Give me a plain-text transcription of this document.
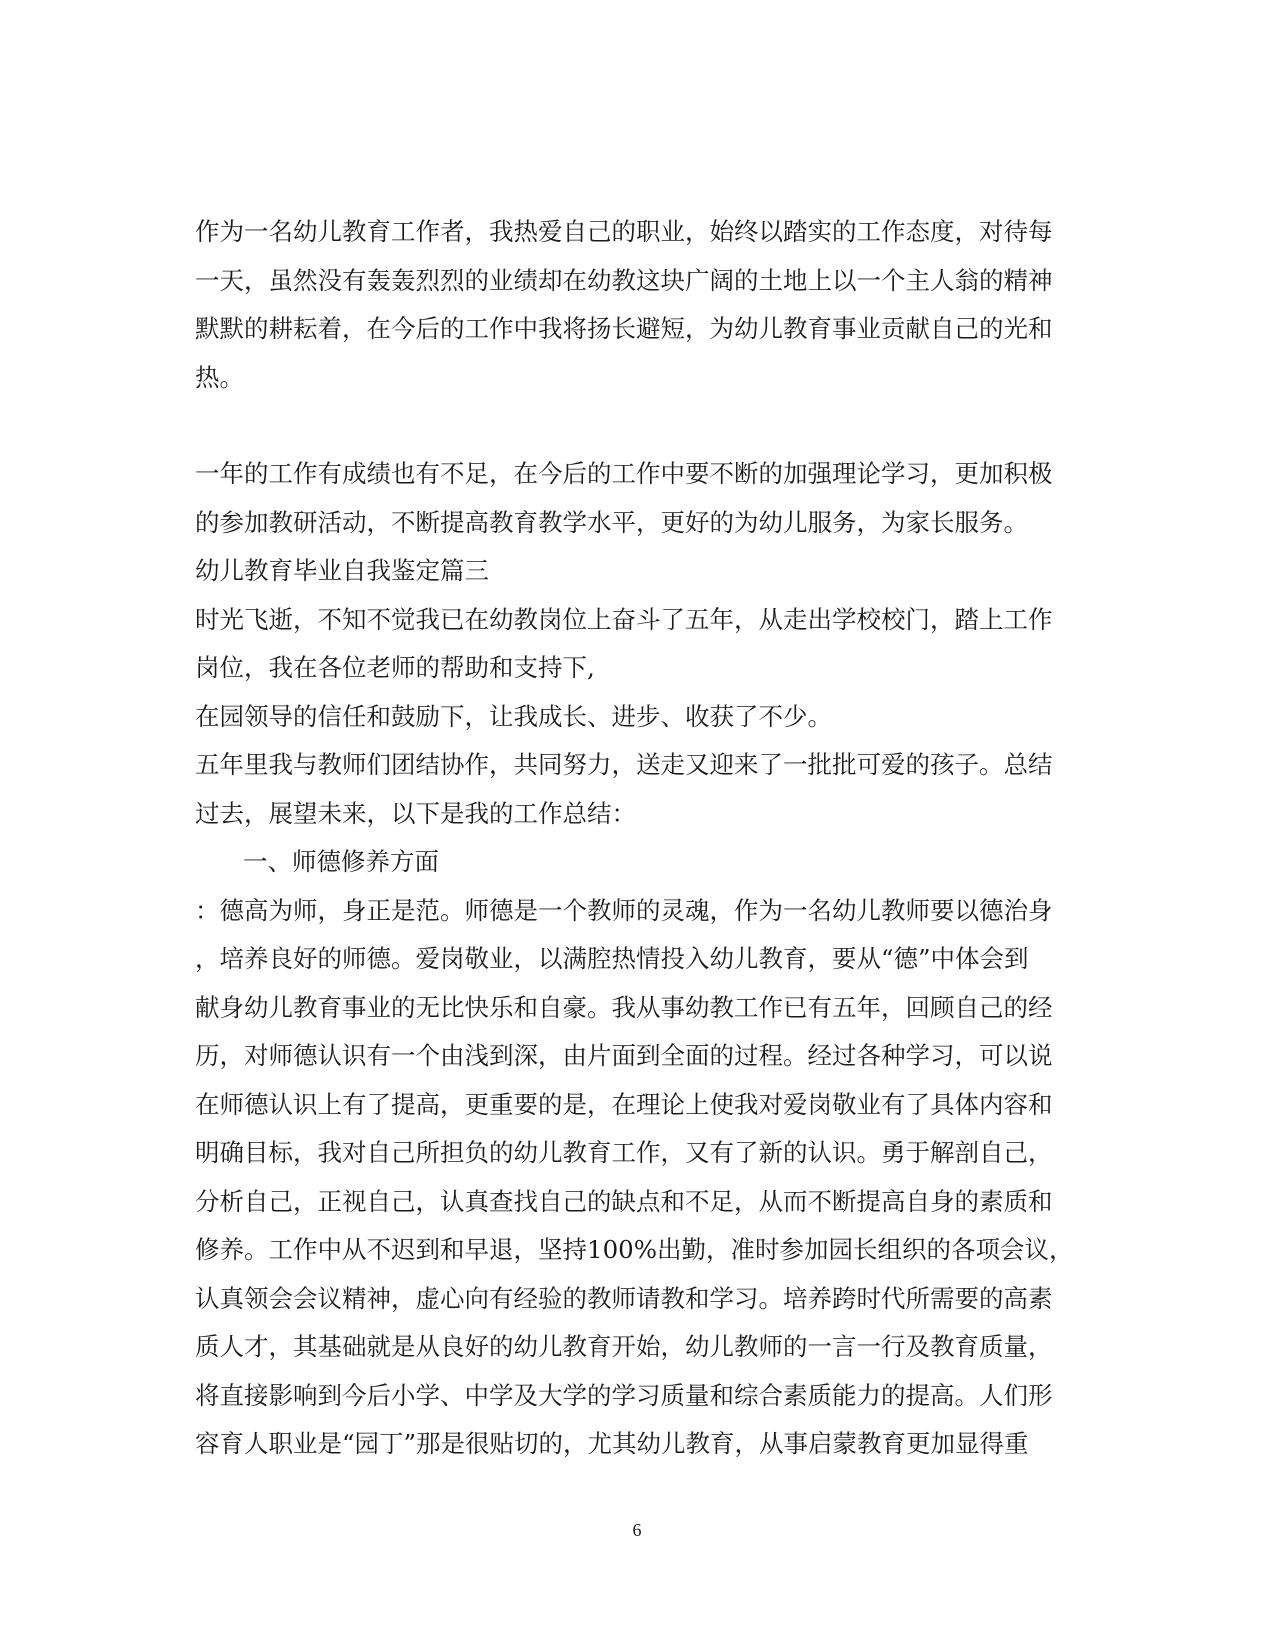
作为一名幼儿教育工作者，我热爱自己的职业，始终以踏实的工作态度，对待每
一天，虽然没有轰轰烈烈的业绩却在幼教这块广阔的土地上以一个主人翁的精神
默默的耕耘着，在今后的工作中我将扬长避短，为幼儿教育事业贡献自己的光和
热。

一年的工作有成绩也有不足，在今后的工作中要不断的加强理论学习，更加积极
的参加教研活动，不断提高教育教学水平，更好的为幼儿服务，为家长服务。

幼儿教育毕业自我鉴定篇三

时光飞逝，不知不觉我已在幼教岗位上奋斗了五年，从走出学校校门，踏上工作
岗位，我在各位老师的帮助和支持下,

在园领导的信任和鼓励下，让我成长、进步、收获了不少。

五年里我与教师们团结协作，共同努力，送走又迎来了一批批可爱的孩子。总结
过去，展望未来，以下是我的工作总结：

一、师德修养方面

：德高为师，身正是范。师德是一个教师的灵魂，作为一名幼儿教师要以德治身
，培养良好的师德。爱岗敬业，以满腔热情投入幼儿教育，要从“德”中体会到
献身幼儿教育事业的无比快乐和自豪。我从事幼教工作已有五年，回顾自己的经
历，对师德认识有一个由浅到深，由片面到全面的过程。经过各种学习，可以说
在师德认识上有了提高，更重要的是，在理论上使我对爱岗敬业有了具体内容和
明确目标，我对自己所担负的幼儿教育工作，又有了新的认识。勇于解剖自己，
分析自己，正视自己，认真查找自己的缺点和不足，从而不断提高自身的素质和
修养。工作中从不迟到和早退，坚持100%出勤，准时参加园长组织的各项会议，
认真领会会议精神，虚心向有经验的教师请教和学习。培养跨时代所需要的高素
质人才，其基础就是从良好的幼儿教育开始，幼儿教师的一言一行及教育质量，
将直接影响到今后小学、中学及大学的学习质量和综合素质能力的提高。人们形
容育人职业是“园丁”那是很贴切的，尤其幼儿教育，从事启蒙教育更加显得重

6
